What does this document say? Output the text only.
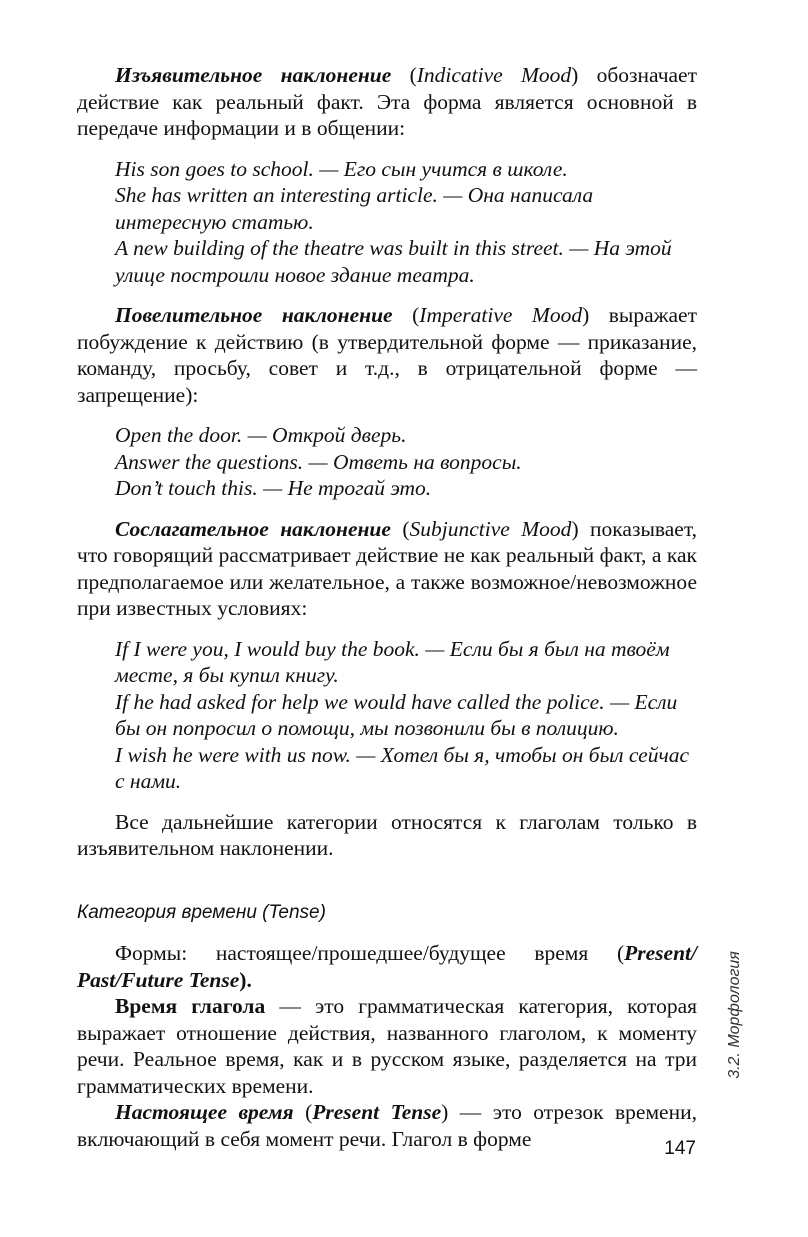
Изъявительное наклонение (Indicative Mood) обозначает действие как реальный факт. Эта форма является основной в передаче информации и в общении:

His son goes to school. — Его сын учится в школе.

She has written an interesting article. — Она написала интересную статью.

A new building of the theatre was built in this street. — На этой улице построили новое здание театра.

Повелительное наклонение (Imperative Mood) выражает побуждение к действию (в утвердительной форме — приказание, команду, просьбу, совет и т.д., в отрицательной форме — запрещение):

Open the door. — Открой дверь.

Answer the questions. — Ответь на вопросы.

Don’t touch this. — Не трогай это.

Сослагательное наклонение (Subjunctive Mood) показывает, что говорящий рассматривает действие не как реальный факт, а как предполагаемое или желательное, а также возможное/невозможное при известных условиях:

If I were you, I would buy the book. — Если бы я был на твоём месте, я бы купил книгу.

If he had asked for help we would have called the police. — Если бы он попросил о помощи, мы позвонили бы в полицию.

I wish he were with us now. — Хотел бы я, чтобы он был сейчас с нами.

Все дальнейшие категории относятся к глаголам только в изъявительном наклонении.

Категория времени (Tense)

Формы: настоящее/прошедшее/будущее время (Present/ Past/Future Tense).

Время глагола — это грамматическая категория, которая выражает отношение действия, названного глаголом, к моменту речи. Реальное время, как и в русском языке, разделяется на три грамматических времени.

Настоящее время (Present Tense) — это отрезок времени, включающий в себя момент речи. Глагол в форме	147
3.2. Морфология
